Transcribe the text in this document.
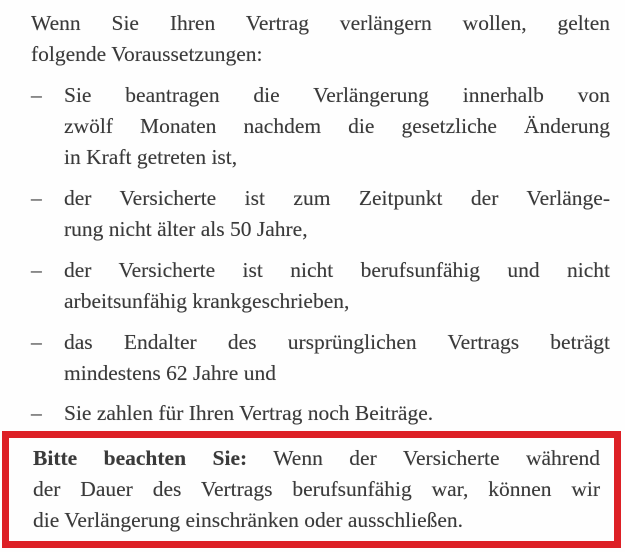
Wenn Sie Ihren Vertrag verlängern wollen, gelten
folgende Voraussetzungen:
–	Sie beantragen die Verlängerung innerhalb von
zwölf Monaten nachdem die gesetzliche Änderung
in Kraft getreten ist,
–	der Versicherte ist zum Zeitpunkt der Verlänge-
rung nicht älter als 50 Jahre,
–	der Versicherte ist nicht berufsunfähig und nicht
arbeitsunfähig krankgeschrieben,
–	das Endalter des ursprünglichen Vertrags beträgt
mindestens 62 Jahre und
–	Sie zahlen für Ihren Vertrag noch Beiträge.
Bitte beachten Sie: Wenn der Versicherte während
der Dauer des Vertrags berufsunfähig war, können wir
die Verlängerung einschränken oder ausschließen.
